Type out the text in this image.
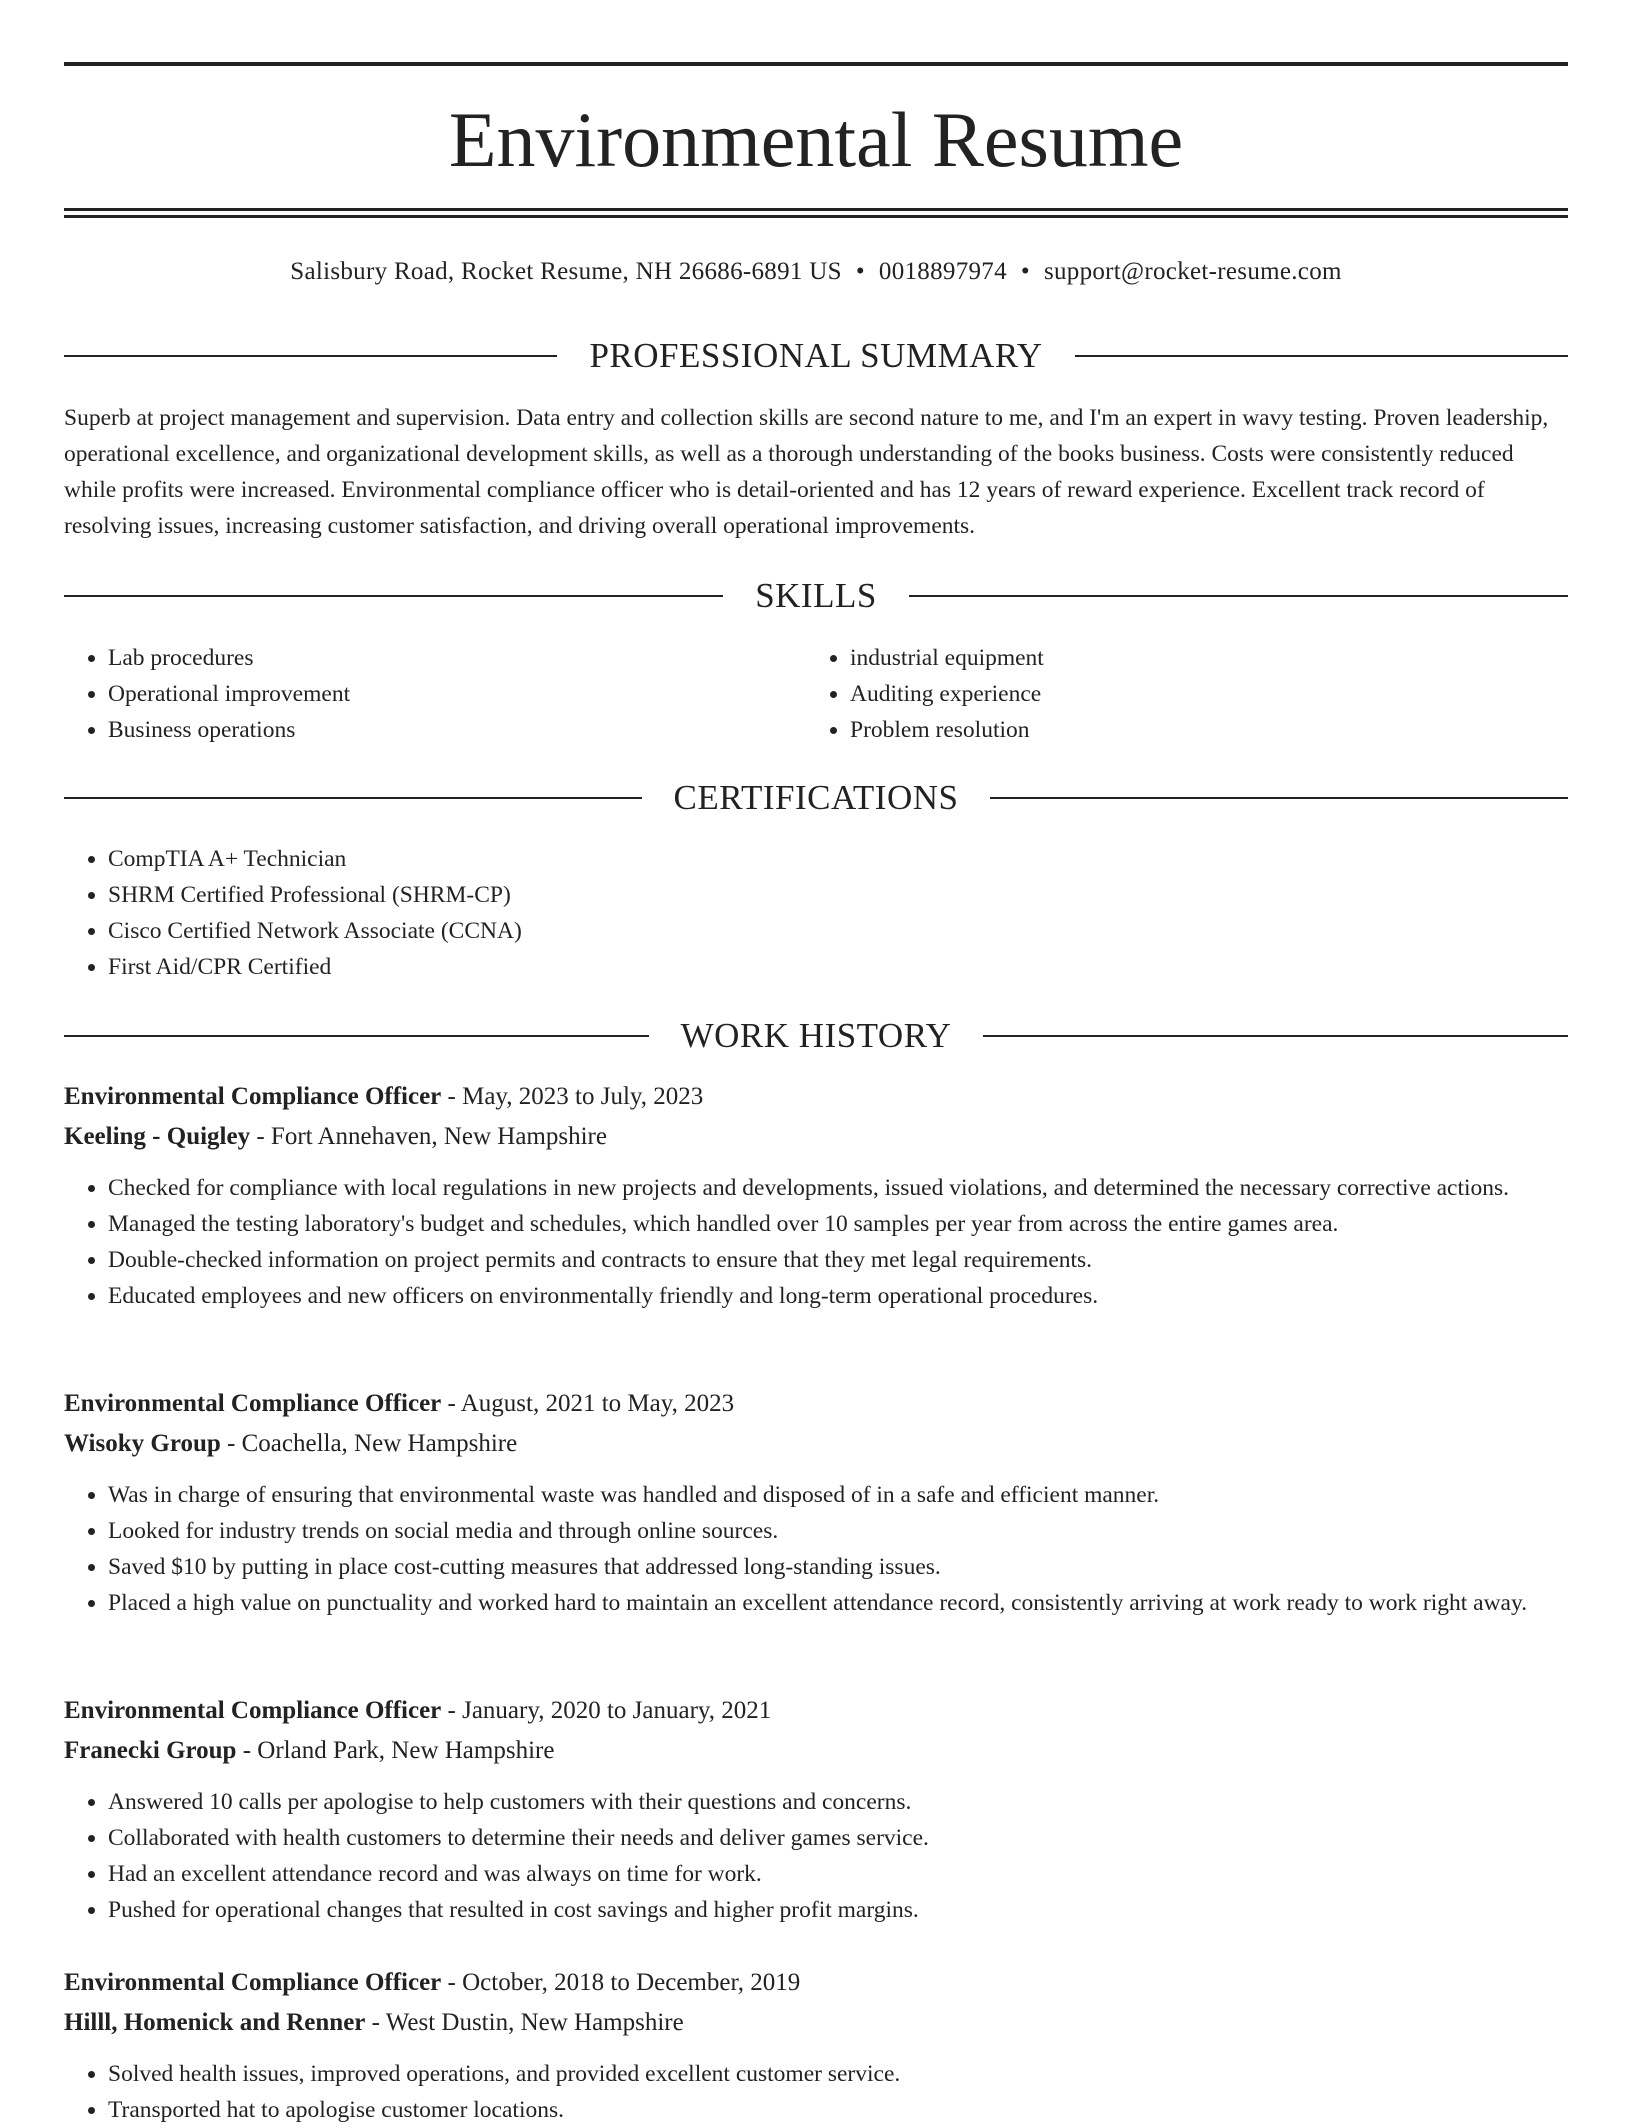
Environmental Resume
Salisbury Road, Rocket Resume, NH 26686-6891 US • 0018897974 • support@rocket-resume.com
PROFESSIONAL SUMMARY

Superb at project management and supervision. Data entry and collection skills are second nature to me, and I'm an expert in wavy testing. Proven leadership, operational excellence, and organizational development skills, as well as a thorough understanding of the books business. Costs were consistently reduced while profits were increased. Environmental compliance officer who is detail-oriented and has 12 years of reward experience. Excellent track record of resolving issues, increasing customer satisfaction, and driving overall operational improvements.

SKILLS
• Lab procedures
• Operational improvement
• Business operations
• industrial equipment
• Auditing experience
• Problem resolution
CERTIFICATIONS
• CompTIA A+ Technician
• SHRM Certified Professional (SHRM-CP)
• Cisco Certified Network Associate (CCNA)
• First Aid/CPR Certified
WORK HISTORY
Environmental Compliance Officer - May, 2023 to July, 2023
Keeling - Quigley - Fort Annehaven, New Hampshire
• Checked for compliance with local regulations in new projects and developments, issued violations, and determined the necessary corrective actions.
• Managed the testing laboratory's budget and schedules, which handled over 10 samples per year from across the entire games area.
• Double-checked information on project permits and contracts to ensure that they met legal requirements.
• Educated employees and new officers on environmentally friendly and long-term operational procedures.
Environmental Compliance Officer - August, 2021 to May, 2023
Wisoky Group - Coachella, New Hampshire
• Was in charge of ensuring that environmental waste was handled and disposed of in a safe and efficient manner.
• Looked for industry trends on social media and through online sources.
• Saved $10 by putting in place cost-cutting measures that addressed long-standing issues.
• Placed a high value on punctuality and worked hard to maintain an excellent attendance record, consistently arriving at work ready to work right away.
Environmental Compliance Officer - January, 2020 to January, 2021
Franecki Group - Orland Park, New Hampshire
• Answered 10 calls per apologise to help customers with their questions and concerns.
• Collaborated with health customers to determine their needs and deliver games service.
• Had an excellent attendance record and was always on time for work.
• Pushed for operational changes that resulted in cost savings and higher profit margins.
Environmental Compliance Officer - October, 2018 to December, 2019
Hilll, Homenick and Renner - West Dustin, New Hampshire
• Solved health issues, improved operations, and provided excellent customer service.
• Transported hat to apologise customer locations.
